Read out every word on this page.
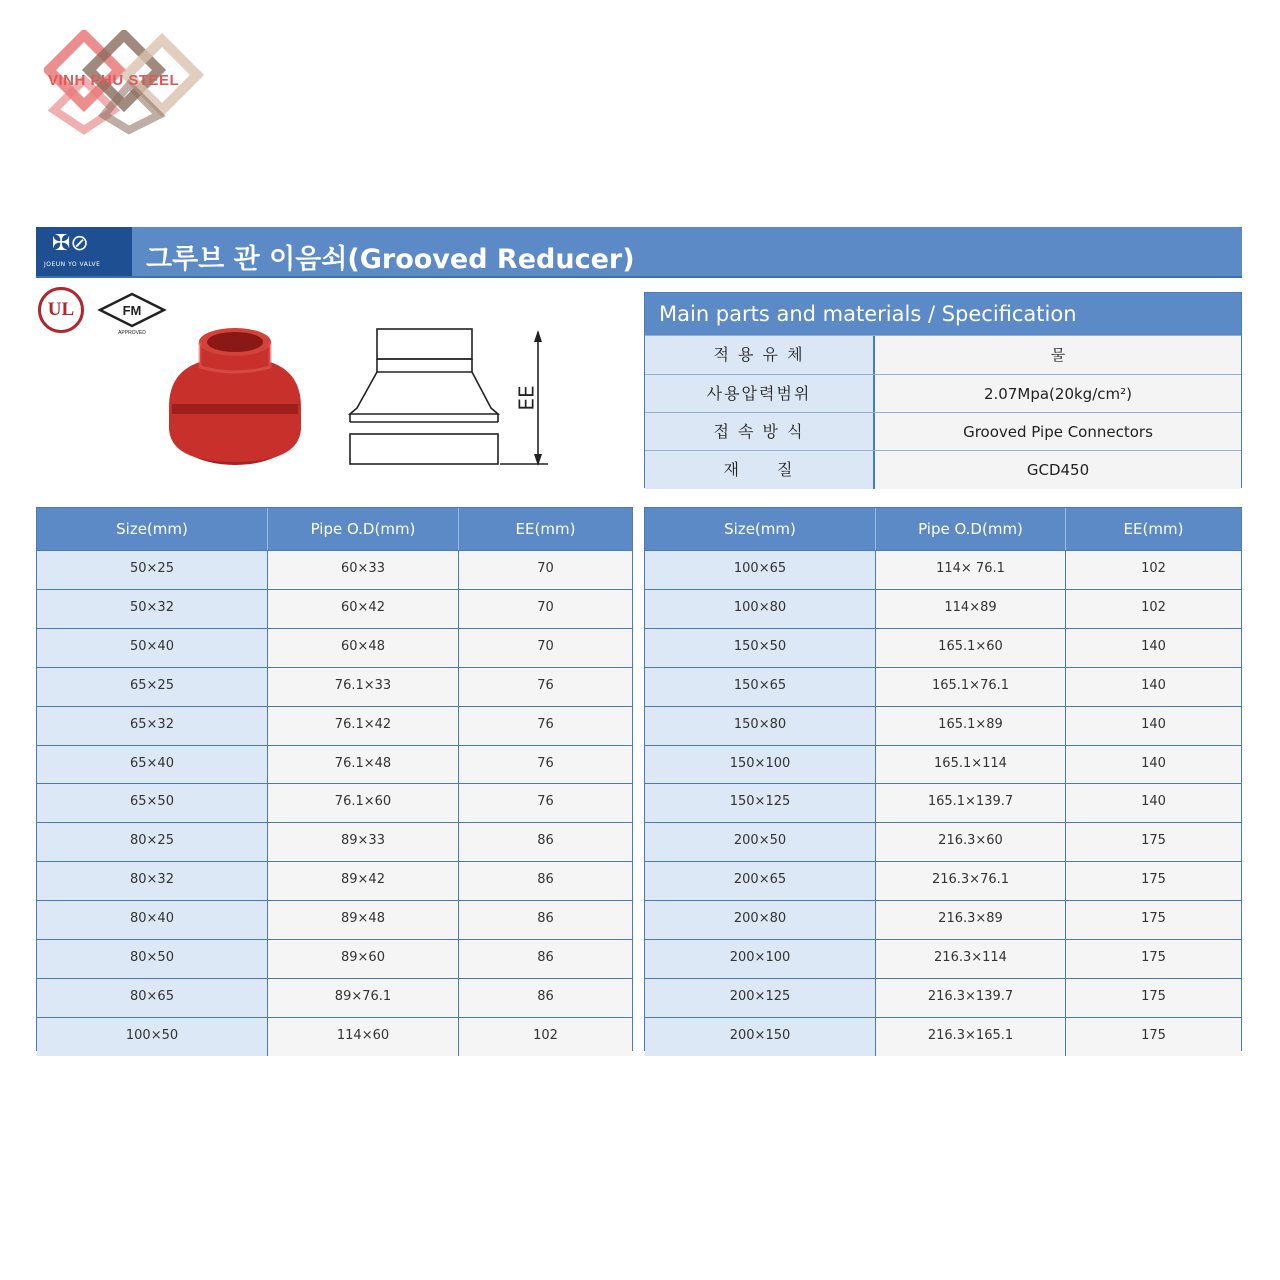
VINH PHU STEEL
✠⊘
JOEUN YO VALVE 그루브 관 이음쇠(Grooved Reducer)
UL	FM
APPROVED
EE
Main parts and materials / Specification
적 용 유 체	물
사용압력범위	2.07Mpa(20kg/cm²)
접 속 방 식	Grooved Pipe Connectors
재　　질	GCD450
Size(mm)	Pipe O.D(mm)	EE(mm)
50×25	60×33	70
50×32	60×42	70
50×40	60×48	70
65×25	76.1×33	76
65×32	76.1×42	76
65×40	76.1×48	76
65×50	76.1×60	76
80×25	89×33	86
80×32	89×42	86
80×40	89×48	86
80×50	89×60	86
80×65	89×76.1	86
100×50	114×60	102
Size(mm)	Pipe O.D(mm)	EE(mm)
100×65	114× 76.1	102
100×80	114×89	102
150×50	165.1×60	140
150×65	165.1×76.1	140
150×80	165.1×89	140
150×100	165.1×114	140
150×125	165.1×139.7	140
200×50	216.3×60	175
200×65	216.3×76.1	175
200×80	216.3×89	175
200×100	216.3×114	175
200×125	216.3×139.7	175
200×150	216.3×165.1	175
